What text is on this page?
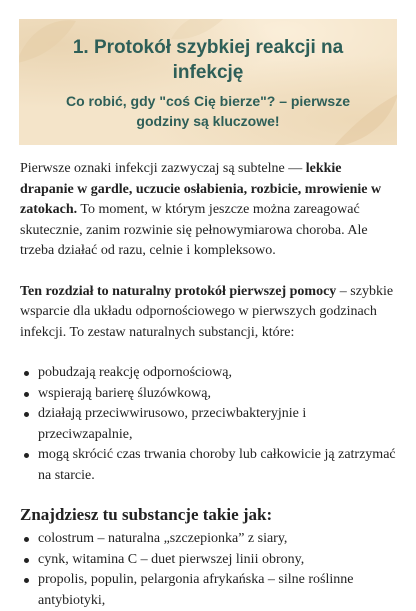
1. Protokół szybkiej reakcji na infekcję
Co robić, gdy "coś Cię bierze"? – pierwsze godziny są kluczowe!

Pierwsze oznaki infekcji zazwyczaj są subtelne — lekkie drapanie w gardle, uczucie osłabienia, rozbicie, mrowienie w zatokach. To moment, w którym jeszcze można zareagować skutecznie, zanim rozwinie się pełnowymiarowa choroba. Ale trzeba działać od razu, celnie i kompleksowo.

Ten rozdział to naturalny protokół pierwszej pomocy – szybkie wsparcie dla układu odpornościowego w pierwszych godzinach infekcji. To zestaw naturalnych substancji, które:

pobudzają reakcję odpornościową,
wspierają barierę śluzówkową,
działają przeciwwirusowo, przeciwbakteryjnie i przeciwzapalnie,
mogą skrócić czas trwania choroby lub całkowicie ją zatrzymać na starcie.
Znajdziesz tu substancje takie jak:
colostrum – naturalna „szczepionka” z siary,
cynk, witamina C – duet pierwszej linii obrony,
propolis, populin, pelargonia afrykańska – silne roślinne antybiotyki,
